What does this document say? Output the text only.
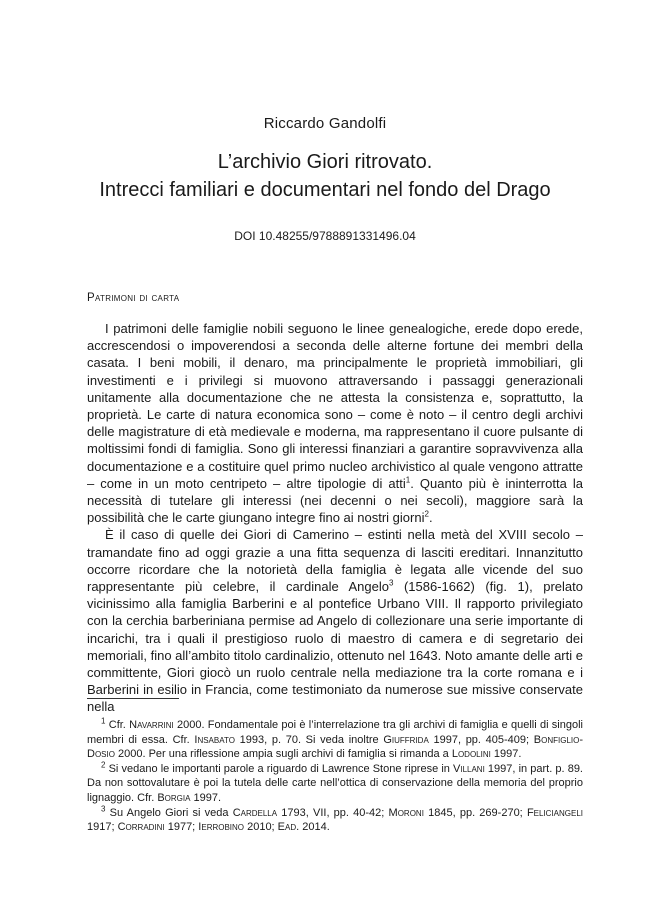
Riccardo Gandolfi
L’archivio Giori ritrovato.
Intrecci familiari e documentari nel fondo del Drago
DOI 10.48255/9788891331496.04
Patrimoni di carta

I patrimoni delle famiglie nobili seguono le linee genealogiche, erede dopo erede, accrescendosi o impoverendosi a seconda delle alterne fortune dei membri della casata. I beni mobili, il denaro, ma principalmente le proprietà immobiliari, gli investimenti e i privilegi si muovono attraversando i passaggi generazionali unitamente alla documentazione che ne attesta la consistenza e, soprattutto, la proprietà. Le carte di natura economica sono – come è noto – il centro degli archivi delle magistrature di età medievale e moderna, ma rappresentano il cuore pulsante di moltissimi fondi di famiglia. Sono gli interessi finanziari a garantire sopravvivenza alla documentazione e a costituire quel primo nucleo archivistico al quale vengono attratte – come in un moto centripeto – altre tipologie di atti$^1$. Quanto più è ininterrotta la necessità di tutelare gli interessi (nei decenni o nei secoli), maggiore sarà la possibilità che le carte giungano integre fino ai nostri giorni$^2$.

È il caso di quelle dei Giori di Camerino – estinti nella metà del XVIII secolo – tramandate fino ad oggi grazie a una fitta sequenza di lasciti ereditari. Innanzitutto occorre ricordare che la notorietà della famiglia è legata alle vicende del suo rappresentante più celebre, il cardinale Angelo$^3$ (1586-1662) (fig. 1), prelato vicinissimo alla famiglia Barberini e al pontefice Urbano VIII. Il rapporto privilegiato con la cerchia barberiniana permise ad Angelo di collezionare una serie importante di incarichi, tra i quali il prestigioso ruolo di maestro di camera e di segretario dei memoriali, fino all’ambito titolo cardinalizio, ottenuto nel 1643. Noto amante delle arti e committente, Giori giocò un ruolo centrale nella mediazione tra la corte romana e i Barberini in esilio in Francia, come testimoniato da numerose sue missive conservate nella

$^1$ Cfr. Navarrini 2000. Fondamentale poi è l’interrelazione tra gli archivi di famiglia e quelli di singoli membri di essa. Cfr. Insabato 1993, p. 70. Si veda inoltre Giuffrida 1997, pp. 405-409; Bonfiglio-Dosio 2000. Per una riflessione ampia sugli archivi di famiglia si rimanda a Lodolini 1997.

$^2$ Si vedano le importanti parole a riguardo di Lawrence Stone riprese in Villani 1997, in part. p. 89. Da non sottovalutare è poi la tutela delle carte nell’ottica di conservazione della memoria del proprio lignaggio. Cfr. Borgia 1997.

$^3$ Su Angelo Giori si veda Cardella 1793, VII, pp. 40-42; Moroni 1845, pp. 269-270; Feliciangeli 1917; Corradini 1977; Ierrobino 2010; Ead. 2014.
